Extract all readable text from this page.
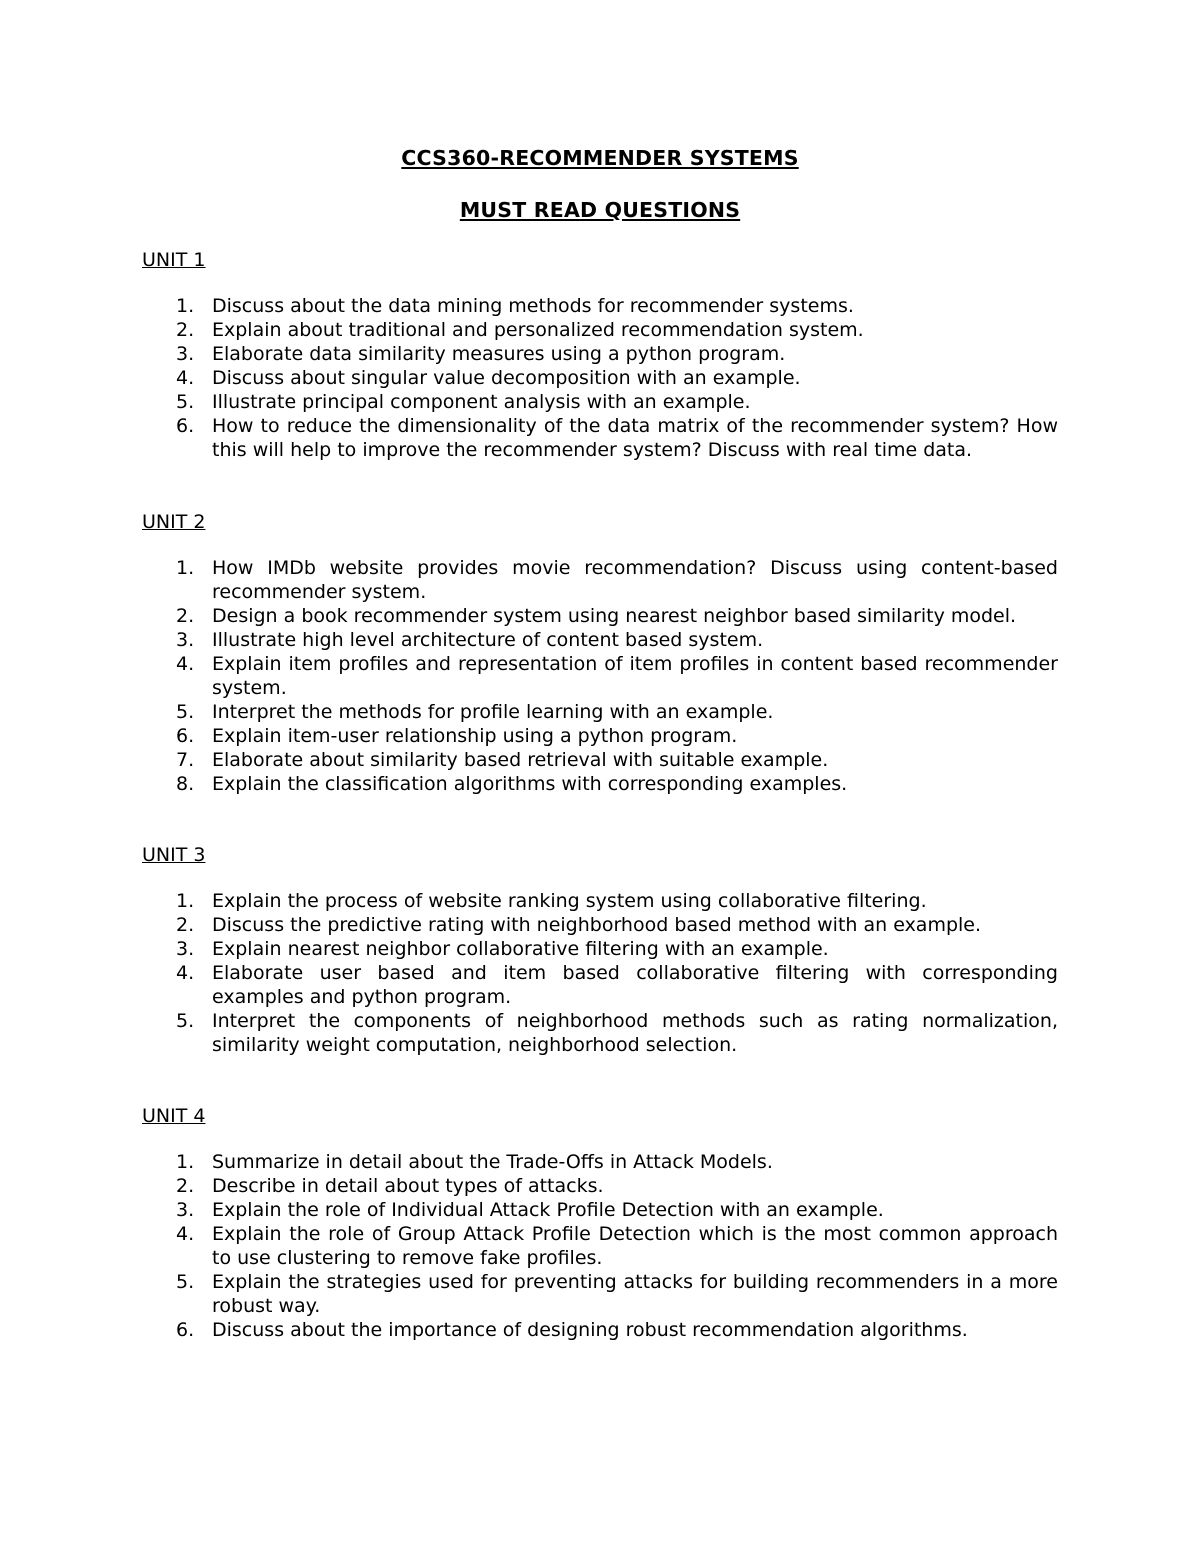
CCS360-RECOMMENDER SYSTEMS
MUST READ QUESTIONS
UNIT 1
1. Discuss about the data mining methods for recommender systems.
2. Explain about traditional and personalized recommendation system.
3. Elaborate data similarity measures using a python program.
4. Discuss about singular value decomposition with an example.
5. Illustrate principal component analysis with an example.
6. How to reduce the dimensionality of the data matrix of the recommender system? How this will help to improve the recommender system? Discuss with real time data.
UNIT 2
1. How IMDb website provides movie recommendation? Discuss using content-based recommender system.
2. Design a book recommender system using nearest neighbor based similarity model.
3. Illustrate high level architecture of content based system.
4. Explain item profiles and representation of item profiles in content based recommender system.
5. Interpret the methods for profile learning with an example.
6. Explain item-user relationship using a python program.
7. Elaborate about similarity based retrieval with suitable example.
8. Explain the classification algorithms with corresponding examples.
UNIT 3
1. Explain the process of website ranking system using collaborative filtering.
2. Discuss the predictive rating with neighborhood based method with an example.
3. Explain nearest neighbor collaborative filtering with an example.
4. Elaborate user based and item based collaborative filtering with corresponding examples and python program.
5. Interpret the components of neighborhood methods such as rating normalization, similarity weight computation, neighborhood selection.
UNIT 4
1. Summarize in detail about the Trade-Offs in Attack Models.
2. Describe in detail about types of attacks.
3. Explain the role of Individual Attack Profile Detection with an example.
4. Explain the role of Group Attack Profile Detection which is the most common approach to use clustering to remove fake profiles.
5. Explain the strategies used for preventing attacks for building recommenders in a more robust way.
6. Discuss about the importance of designing robust recommendation algorithms.
